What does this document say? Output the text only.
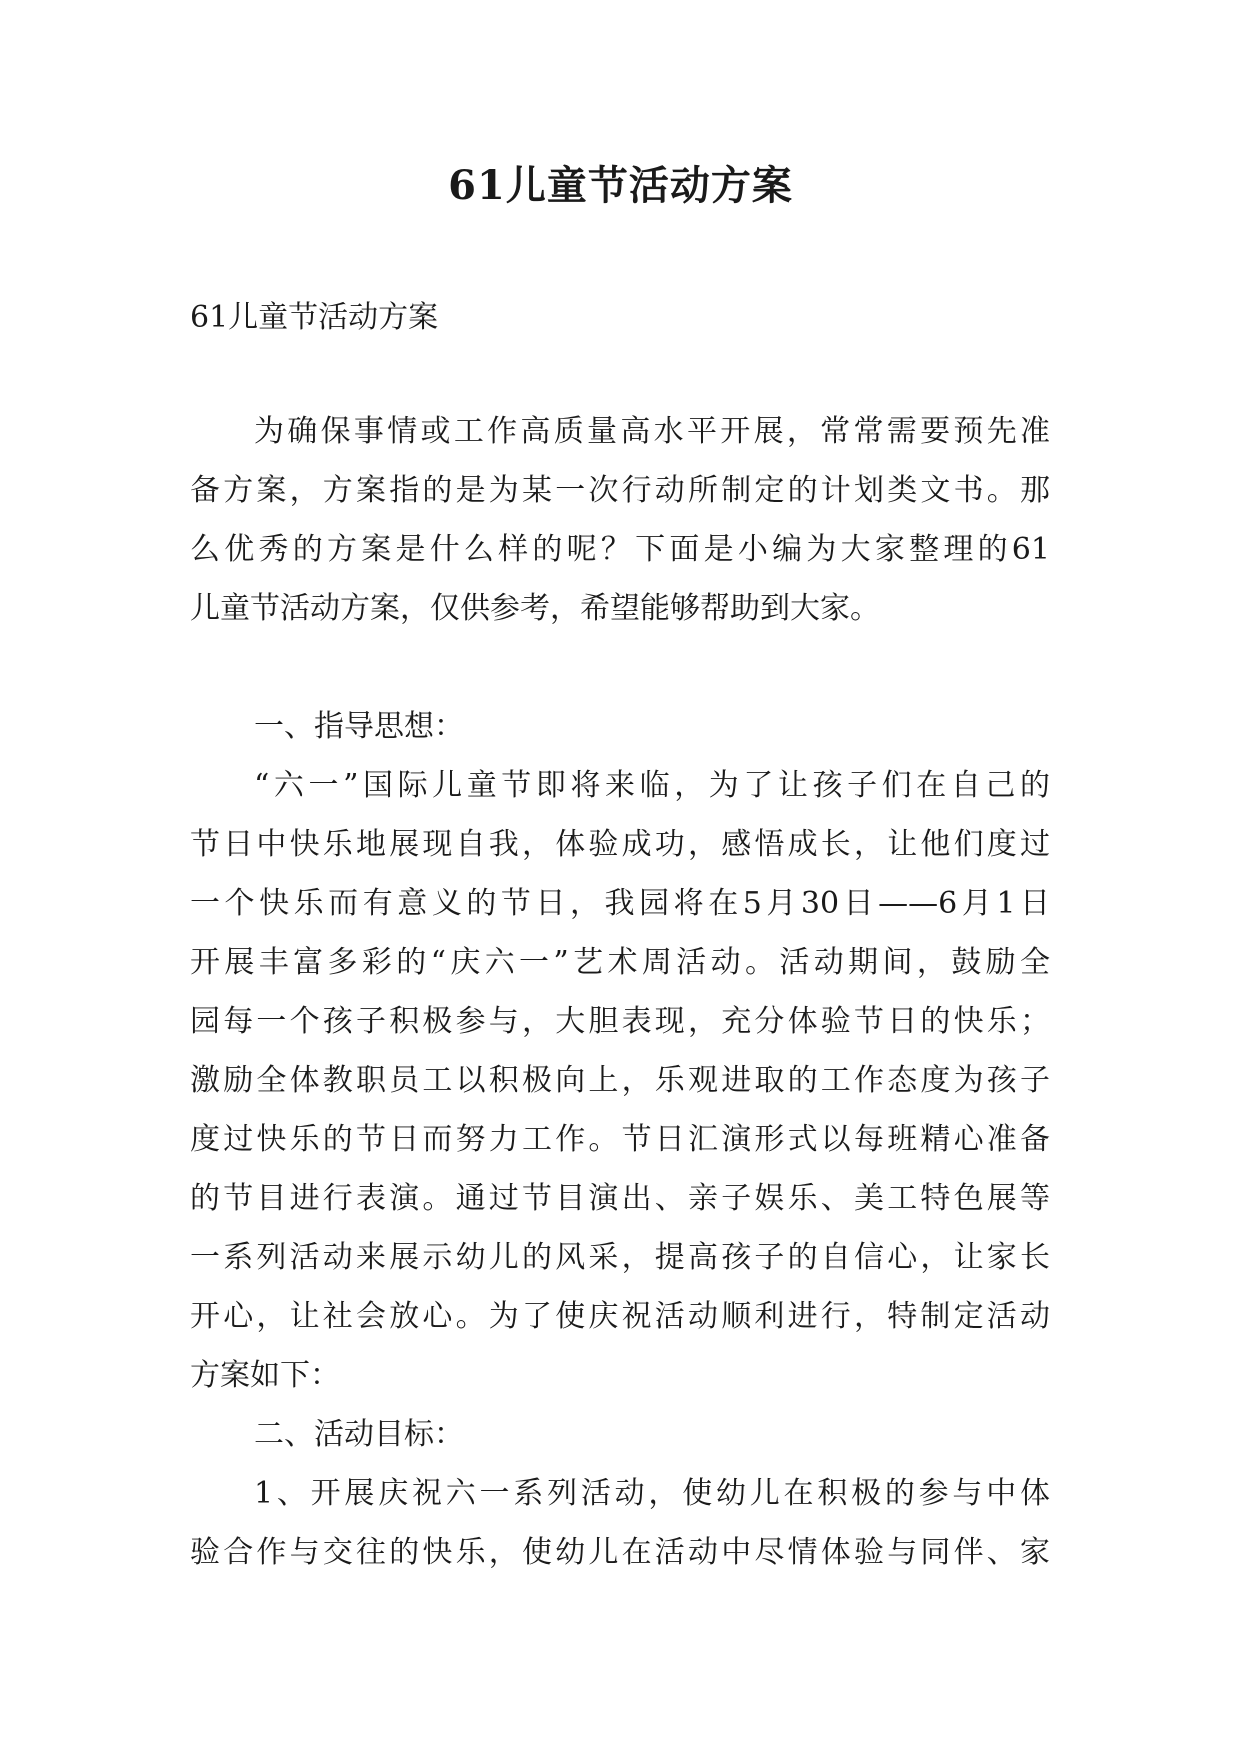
61儿童节活动方案
61儿童节活动方案
为确保事情或工作高质量高水平开展，常常需要预先准
备方案，方案指的是为某一次行动所制定的计划类文书。那
么优秀的方案是什么样的呢？下面是小编为大家整理的61
儿童节活动方案，仅供参考，希望能够帮助到大家。
一、指导思想：
“六一”国际儿童节即将来临，为了让孩子们在自己的
节日中快乐地展现自我，体验成功，感悟成长，让他们度过
一个快乐而有意义的节日，我园将在5月30日——6月1日
开展丰富多彩的“庆六一”艺术周活动。活动期间，鼓励全
园每一个孩子积极参与，大胆表现，充分体验节日的快乐；
激励全体教职员工以积极向上，乐观进取的工作态度为孩子
度过快乐的节日而努力工作。节日汇演形式以每班精心准备
的节目进行表演。通过节目演出、亲子娱乐、美工特色展等
一系列活动来展示幼儿的风采，提高孩子的自信心，让家长
开心，让社会放心。为了使庆祝活动顺利进行，特制定活动
方案如下：
二、活动目标：
1、开展庆祝六一系列活动，使幼儿在积极的参与中体
验合作与交往的快乐，使幼儿在活动中尽情体验与同伴、家
